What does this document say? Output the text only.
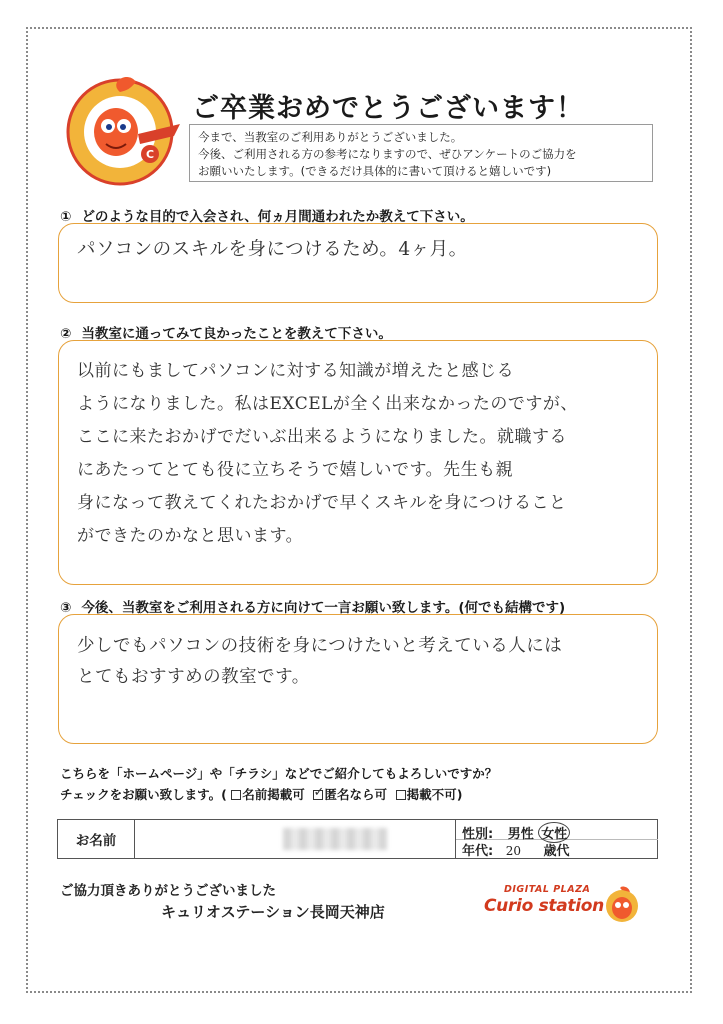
C
ご卒業おめでとうございます！
今まで、当教室のご利用ありがとうございました。
今後、ご利用される方の参考になりますので、ぜひアンケートのご協力を
お願いいたします。(できるだけ具体的に書いて頂けると嬉しいです)
① どのような目的で入会され、何ヵ月間通われたか教えて下さい。
パソコンのスキルを身につけるため。4ヶ月。
② 当教室に通ってみて良かったことを教えて下さい。
以前にもましてパソコンに対する知識が増えたと感じる
ようになりました。私はEXCELが全く出来なかったのですが、
ここに来たおかげでだいぶ出来るようになりました。就職する
にあたってとても役に立ちそうで嬉しいです。先生も親
身になって教えてくれたおかげで早くスキルを身につけること
ができたのかなと思います。
③ 今後、当教室をご利用される方に向けて一言お願い致します。(何でも結構です)
少しでもパソコンの技術を身につけたいと考えている人には
とてもおすすめの教室です。
こちらを「ホームページ」や「チラシ」などでご紹介してもよろしいですか？
チェックをお願い致します。( 名前掲載可  ✓ 匿名なら可 掲載不可)
お名前	性別: 男性 女性
年代: 20 歳代
ご協力頂きありがとうございました
キュリオステーション長岡天神店
DIGITAL PLAZA
Curio station
